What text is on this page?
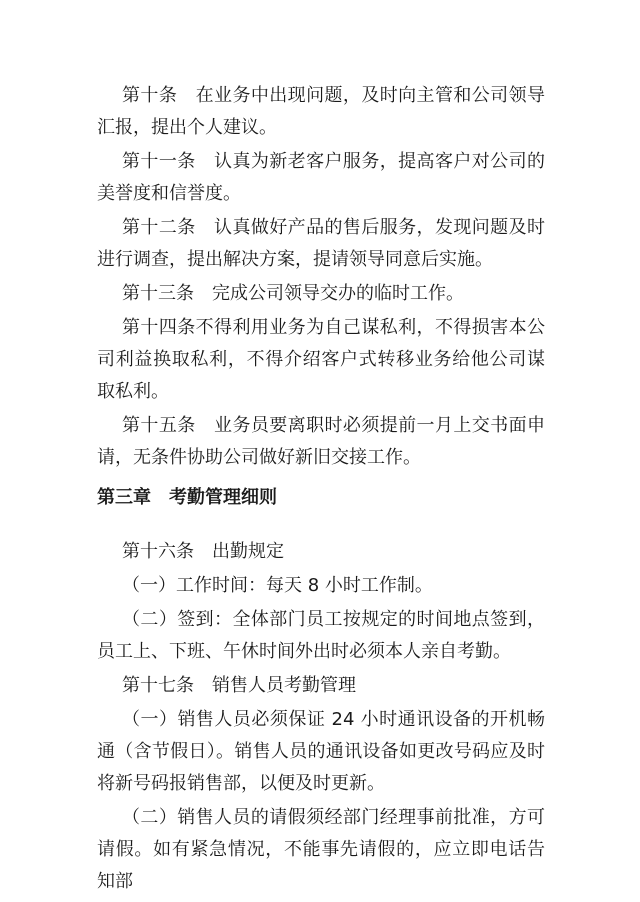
第十条　在业务中出现问题，及时向主管和公司领导汇报，提出个人建议。

第十一条　认真为新老客户服务，提高客户对公司的美誉度和信誉度。

第十二条　认真做好产品的售后服务，发现问题及时进行调查，提出解决方案，提请领导同意后实施。

第十三条　完成公司领导交办的临时工作。

第十四条不得利用业务为自己谋私利，不得损害本公司利益换取私利，不得介绍客户式转移业务给他公司谋取私利。

第十五条　业务员要离职时必须提前一月上交书面申请，无条件协助公司做好新旧交接工作。

第三章　考勤管理细则

第十六条　出勤规定

（一）工作时间：每天 8 小时工作制。

（二）签到：全体部门员工按规定的时间地点签到，员工上、下班、午休时间外出时必须本人亲自考勤。

第十七条　销售人员考勤管理

（一）销售人员必须保证 24 小时通讯设备的开机畅通（含节假日）。销售人员的通讯设备如更改号码应及时将新号码报销售部，以便及时更新。

（二）销售人员的请假须经部门经理事前批准，方可请假。如有紧急情况，不能事先请假的，应立即电话告知部
